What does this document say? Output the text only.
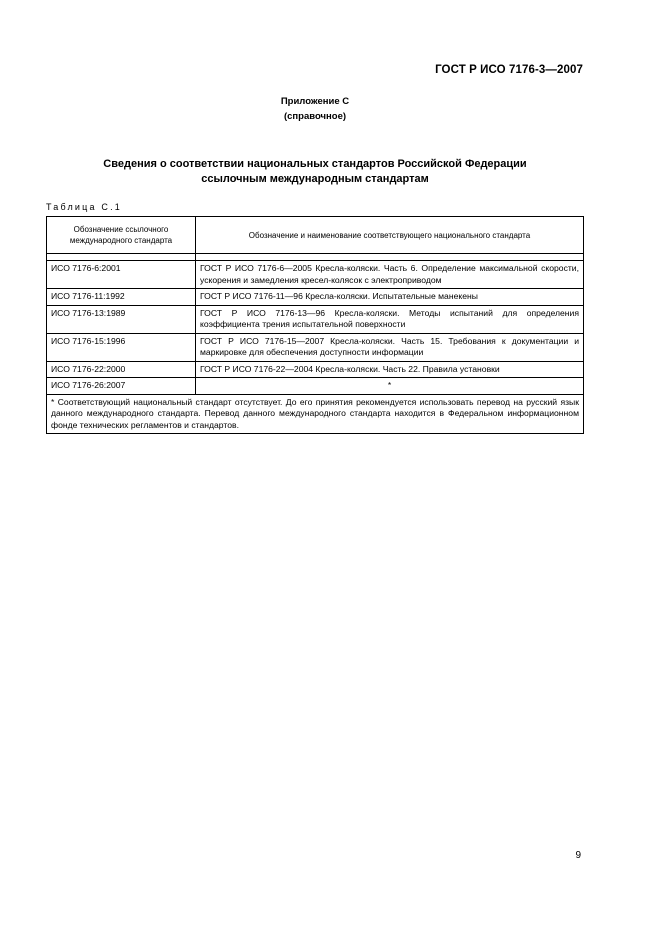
ГОСТ Р ИСО 7176-3—2007
Приложение С
(справочное)
Сведения о соответствии национальных стандартов Российской Федерации
ссылочным международным стандартам
Таблица С.1
Обозначение ссылочного международного стандарта	Обозначение и наименование соответствующего национального стандарта

ИСО 7176-6:2001	ГОСТ Р ИСО 7176-6—2005 Кресла-коляски. Часть 6. Определение максимальной скорости, ускорения и замедления кресел-колясок с электроприводом
ИСО 7176-11:1992	ГОСТ Р ИСО 7176-11—96 Кресла-коляски. Испытательные манекены
ИСО 7176-13:1989	ГОСТ Р ИСО 7176-13—96 Кресла-коляски. Методы испытаний для определения коэффициента трения испытательной поверхности
ИСО 7176-15:1996	ГОСТ Р ИСО 7176-15—2007 Кресла-коляски. Часть 15. Требования к документации и маркировке для обеспечения доступности информации
ИСО 7176-22:2000	ГОСТ Р ИСО 7176-22—2004 Кресла-коляски. Часть 22. Правила установки
ИСО 7176-26:2007	*
* Соответствующий национальный стандарт отсутствует. До его принятия рекомендуется использовать перевод на русский язык данного международного стандарта. Перевод данного международного стандарта находится в Федеральном информационном фонде технических регламентов и стандартов.	
9
